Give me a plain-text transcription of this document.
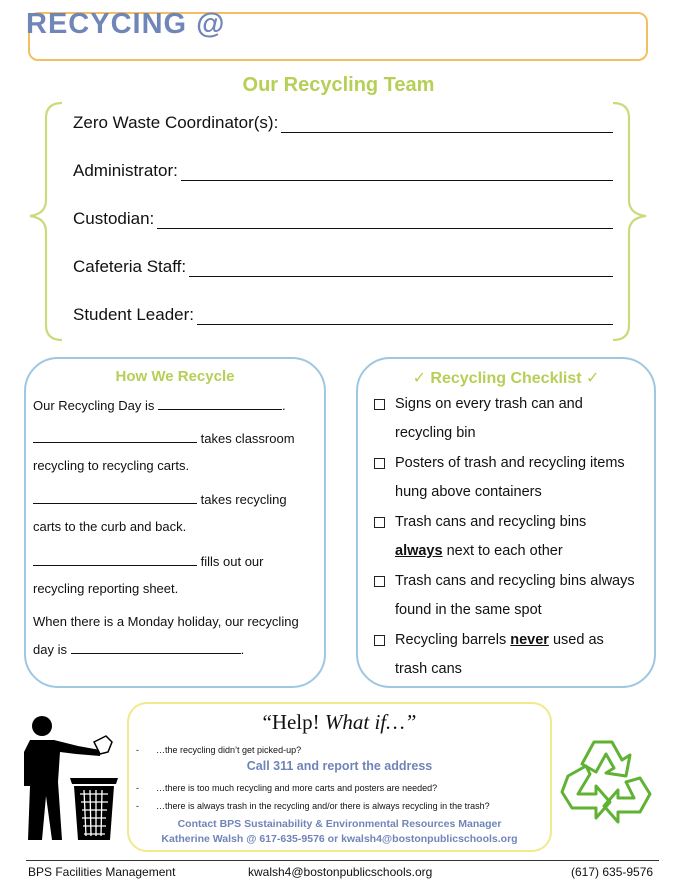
RECYCING @
Our Recycling Team
Zero Waste Coordinator(s):
Administrator:
Custodian:
Cafeteria Staff:
Student Leader:
How We Recycle
Our Recycling Day is	.
takes classroom
recycling to recycling carts.
takes recycling
carts to the curb and back.
fills out our
recycling reporting sheet.
When there is a Monday holiday, our recycling
day is	.
✓ Recycling Checklist ✓
Signs on every trash can and
recycling bin
Posters of trash and recycling items
hung above containers
Trash cans and recycling bins
always next to each other
Trash cans and recycling bins always
found in the same spot
Recycling barrels never used as
trash cans
“Help! What if…”
- …the recycling didn’t get picked-up?
Call 311 and report the address
- …there is too much recycling and more carts and posters are needed?
- …there is always trash in the recycling and/or there is always recycling in the trash?
Contact BPS Sustainability & Environmental Resources Manager
Katherine Walsh @ 617-635-9576 or kwalsh4@bostonpublicschools.org
BPS Facilities Management	kwalsh4@bostonpublicschools.org	(617) 635-9576
